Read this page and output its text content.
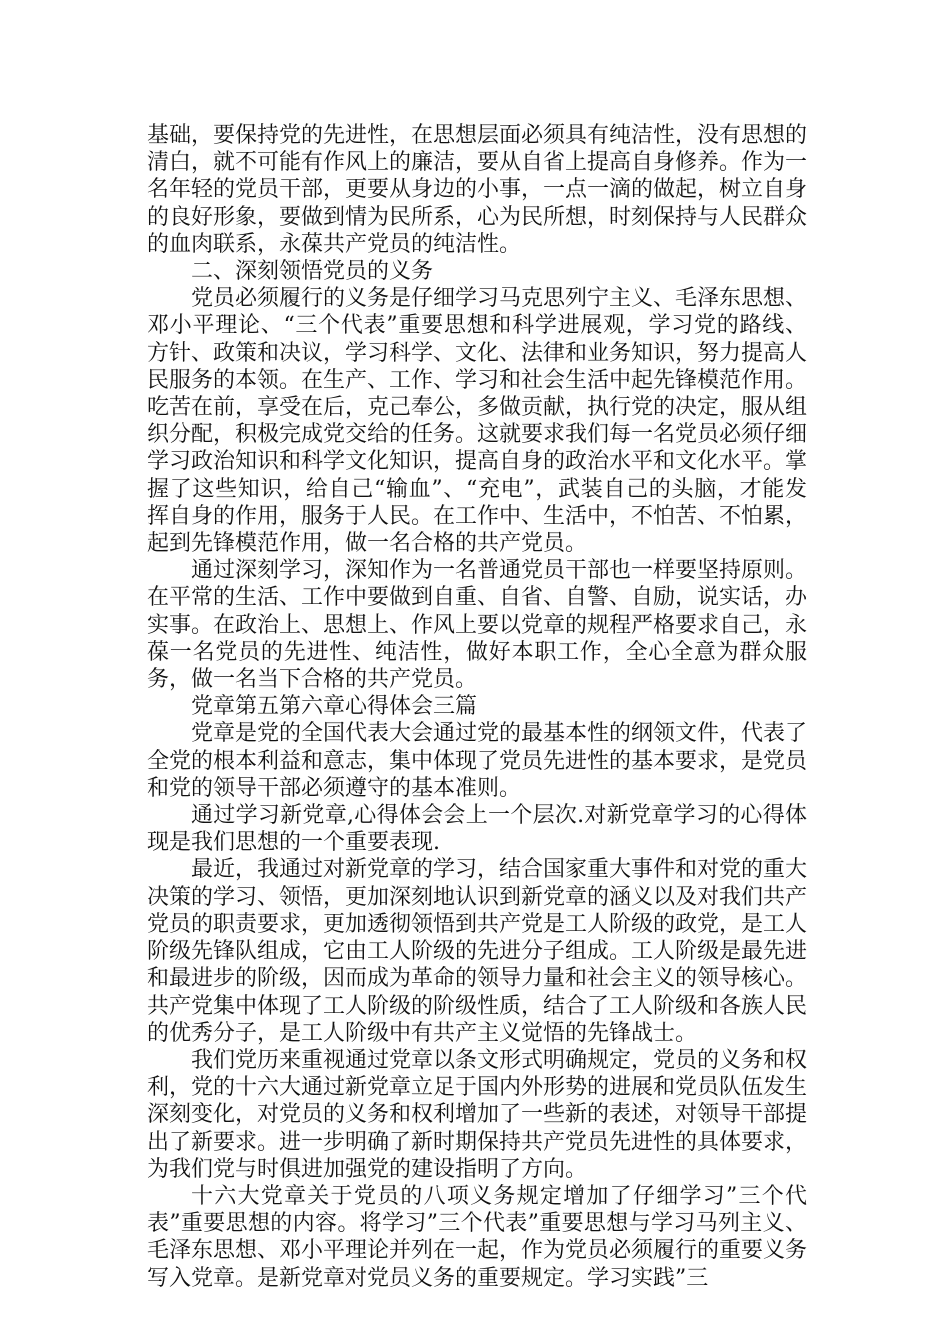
基础，要保持党的先进性，在思想层面必须具有纯洁性，没有思想的清白，就不可能有作风上的廉洁，要从自省上提高自身修养。作为一名年轻的党员干部，更要从身边的小事，一点一滴的做起，树立自身的良好形象，要做到情为民所系，心为民所想，时刻保持与人民群众的血肉联系，永葆共产党员的纯洁性。

二、深刻领悟党员的义务

党员必须履行的义务是仔细学习马克思列宁主义、毛泽东思想、邓小平理论、“三个代表”重要思想和科学进展观，学习党的路线、方针、政策和决议，学习科学、文化、法律和业务知识，努力提高人民服务的本领。在生产、工作、学习和社会生活中起先锋模范作用。吃苦在前，享受在后，克己奉公，多做贡献，执行党的决定，服从组织分配，积极完成党交给的任务。这就要求我们每一名党员必须仔细学习政治知识和科学文化知识，提高自身的政治水平和文化水平。掌握了这些知识，给自己“输血”、“充电”，武装自己的头脑，才能发挥自身的作用，服务于人民。在工作中、生活中，不怕苦、不怕累，起到先锋模范作用，做一名合格的共产党员。

通过深刻学习，深知作为一名普通党员干部也一样要坚持原则。在平常的生活、工作中要做到自重、自省、自警、自励，说实话，办实事。在政治上、思想上、作风上要以党章的规程严格要求自己，永葆一名党员的先进性、纯洁性，做好本职工作，全心全意为群众服务，做一名当下合格的共产党员。

党章第五第六章心得体会三篇

党章是党的全国代表大会通过党的最基本性的纲领文件，代表了全党的根本利益和意志，集中体现了党员先进性的基本要求，是党员和党的领导干部必须遵守的基本准则。

通过学习新党章,心得体会会上一个层次.对新党章学习的心得体现是我们思想的一个重要表现.

最近，我通过对新党章的学习，结合国家重大事件和对党的重大决策的学习、领悟，更加深刻地认识到新党章的涵义以及对我们共产党员的职责要求，更加透彻领悟到共产党是工人阶级的政党，是工人阶级先锋队组成，它由工人阶级的先进分子组成。工人阶级是最先进和最进步的阶级，因而成为革命的领导力量和社会主义的领导核心。共产党集中体现了工人阶级的阶级性质，结合了工人阶级和各族人民的优秀分子，是工人阶级中有共产主义觉悟的先锋战士。

我们党历来重视通过党章以条文形式明确规定，党员的义务和权利，党的十六大通过新党章立足于国内外形势的进展和党员队伍发生深刻变化，对党员的义务和权利增加了一些新的表述，对领导干部提出了新要求。进一步明确了新时期保持共产党员先进性的具体要求，为我们党与时俱进加强党的建设指明了方向。

十六大党章关于党员的八项义务规定增加了仔细学习”三个代表”重要思想的内容。将学习”三个代表”重要思想与学习马列主义、毛泽东思想、邓小平理论并列在一起，作为党员必须履行的重要义务写入党章。是新党章对党员义务的重要规定。学习实践”三
